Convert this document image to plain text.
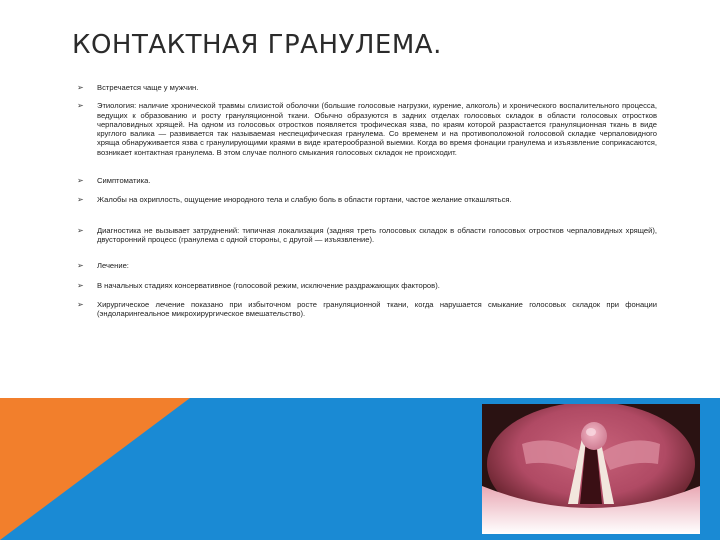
КОНТАКТНАЯ ГРАНУЛЕМА.
➢ Встречается чаще у мужчин.
➢ Этиология: наличие хронической травмы слизистой оболочки (большие голосовые нагрузки, курение, алкоголь) и хронического воспалительного процесса, ведущих к образованию и росту грануляционной ткани. Обычно образуются в задних отделах голосовых складок в области голосовых отростков черпаловидных хрящей. На одном из голосовых отростков появляется трофическая язва, по краям которой разрастается грануляционная ткань в виде круглого валика — развивается так называемая неспецифическая гранулема. Со временем и на противоположной голосовой складке черпаловидного хряща обнаруживается язва с гранулирующими краями в виде кратерообразной выемки. Когда во время фонации гранулема и изъязвление соприкасаются, возникает контактная гранулема. В этом случае полного смыкания голосовых складок не происходит.
➢ Симптоматика.
➢ Жалобы на охриплость, ощущение инородного тела и слабую боль в области гортани, частое желание откашляться.
➢ Диагностика не вызывает затруднений: типичная локализация (задняя треть голосовых складок в области голосовых отростков черпаловидных хрящей), двусторонний процесс (гранулема с одной стороны, с другой — изъязвление).
➢ Лечение:
➢ В начальных стадиях консервативное (голосовой режим, исключение раздражающих факторов).
➢ Хирургическое лечение показано при избыточном росте грануляционной ткани, когда нарушается смыкание голосовых складок при фонации (эндоларингеальное микрохирургическое вмешательство).
